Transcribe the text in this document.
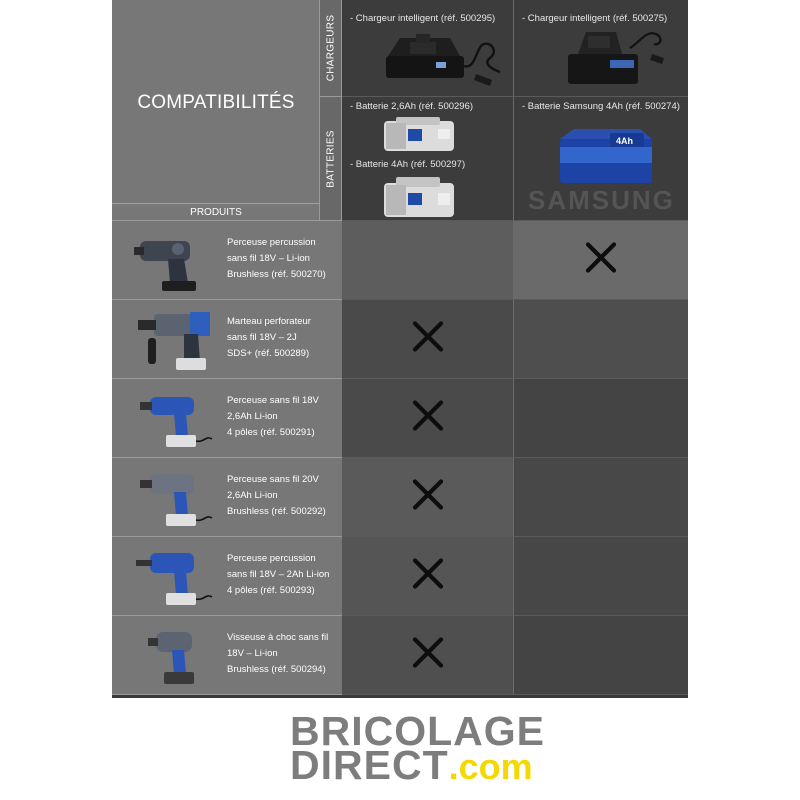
COMPATIBILITÉS
PRODUITS
CHARGEURS
BATTERIES
- Chargeur intelligent (réf. 500295)	- Chargeur intelligent (réf. 500275)
- Batterie 2,6Ah (réf. 500296)
- Batterie 4Ah (réf. 500297)
- Batterie Samsung 4Ah (réf. 500274)
4Ah
SAMSUNG
Perceuse percussion
sans fil 18V – Li-ion
Brushless (réf. 500270)
Marteau perforateur
sans fil 18V – 2J
SDS+ (réf. 500289)
Perceuse sans fil 18V
2,6Ah Li-ion
4 pôles (réf. 500291)
Perceuse sans fil 20V
2,6Ah Li-ion
Brushless (réf. 500292)
Perceuse percussion
sans fil 18V – 2Ah Li-ion
4 pôles (réf. 500293)
Visseuse à choc sans fil
18V – Li-ion
Brushless (réf. 500294)
BRICOLAGE
DIRECT.com
